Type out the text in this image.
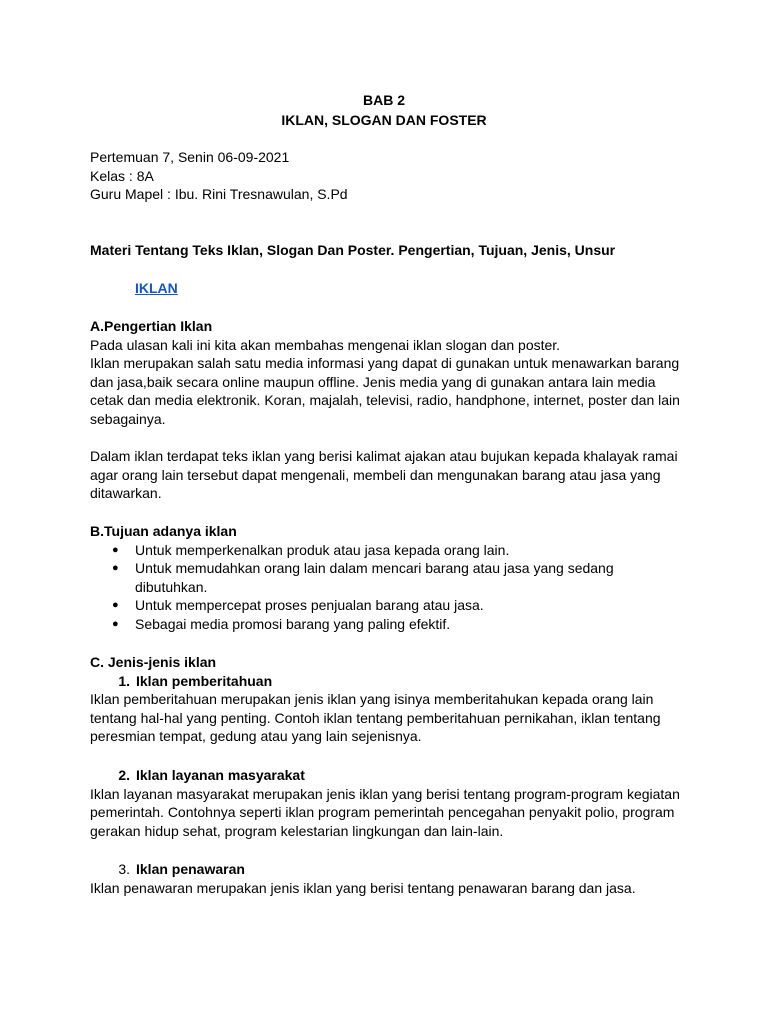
BAB 2
IKLAN, SLOGAN DAN FOSTER

Pertemuan 7, Senin 06-09-2021

Kelas : 8A

Guru Mapel : Ibu. Rini Tresnawulan, S.Pd

Materi Tentang Teks Iklan, Slogan Dan Poster. Pengertian, Tujuan, Jenis, Unsur
IKLAN

A.Pengertian Iklan

Pada ulasan kali ini kita akan membahas mengenai iklan slogan dan poster.

Iklan merupakan salah satu media informasi yang dapat di gunakan untuk menawarkan barang

dan jasa,baik secara online maupun offline. Jenis media yang di gunakan antara lain media

cetak dan media elektronik. Koran, majalah, televisi, radio, handphone, internet, poster dan lain

sebagainya.

Dalam iklan terdapat teks iklan yang berisi kalimat ajakan atau bujukan kepada khalayak ramai

agar orang lain tersebut dapat mengenali, membeli dan mengunakan barang atau jasa yang

ditawarkan.

B.Tujuan adanya iklan

● Untuk memperkenalkan produk atau jasa kepada orang lain.
● Untuk memudahkan orang lain dalam mencari barang atau jasa yang sedang
dibutuhkan.
● Untuk mempercepat proses penjualan barang atau jasa.
● Sebagai media promosi barang yang paling efektif.

C. Jenis-jenis iklan

1. Iklan pemberitahuan

Iklan pemberitahuan merupakan jenis iklan yang isinya memberitahukan kepada orang lain

tentang hal-hal yang penting. Contoh iklan tentang pemberitahuan pernikahan, iklan tentang

peresmian tempat, gedung atau yang lain sejenisnya.

2. Iklan layanan masyarakat

Iklan layanan masyarakat merupakan jenis iklan yang berisi tentang program-program kegiatan

pemerintah. Contohnya seperti iklan program pemerintah pencegahan penyakit polio, program

gerakan hidup sehat, program kelestarian lingkungan dan lain-lain.

3. Iklan penawaran

Iklan penawaran merupakan jenis iklan yang berisi tentang penawaran barang dan jasa.
